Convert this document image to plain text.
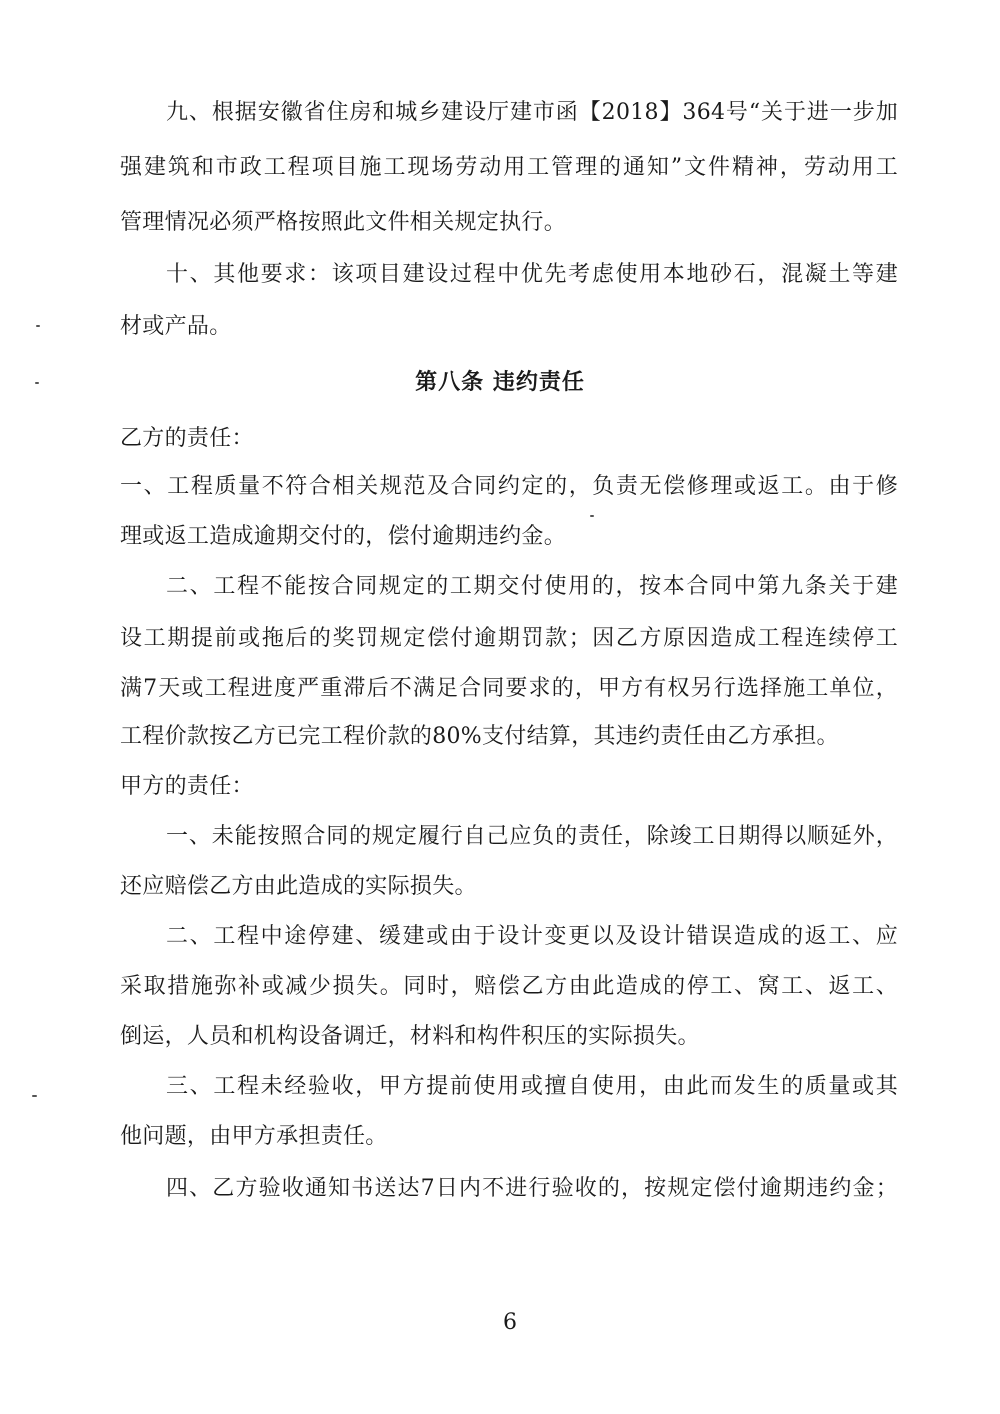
九、根据安徽省住房和城乡建设厅建市函【2018】364号“关于进一步加
强建筑和市政工程项目施工现场劳动用工管理的通知”文件精神，劳动用工
管理情况必须严格按照此文件相关规定执行。
十、其他要求：该项目建设过程中优先考虑使用本地砂石，混凝土等建
材或产品。
第八条 违约责任
乙方的责任：
一、工程质量不符合相关规范及合同约定的，负责无偿修理或返工。由于修
理或返工造成逾期交付的，偿付逾期违约金。
二、工程不能按合同规定的工期交付使用的，按本合同中第九条关于建
设工期提前或拖后的奖罚规定偿付逾期罚款；因乙方原因造成工程连续停工
满7天或工程进度严重滞后不满足合同要求的，甲方有权另行选择施工单位，
工程价款按乙方已完工程价款的80%支付结算，其违约责任由乙方承担。
甲方的责任：
一、未能按照合同的规定履行自己应负的责任，除竣工日期得以顺延外，
还应赔偿乙方由此造成的实际损失。
二、工程中途停建、缓建或由于设计变更以及设计错误造成的返工、应
采取措施弥补或减少损失。同时，赔偿乙方由此造成的停工、窝工、返工、
倒运，人员和机构设备调迁，材料和构件积压的实际损失。
三、工程未经验收，甲方提前使用或擅自使用，由此而发生的质量或其
他问题，由甲方承担责任。
四、乙方验收通知书送达7日内不进行验收的，按规定偿付逾期违约金；
6
